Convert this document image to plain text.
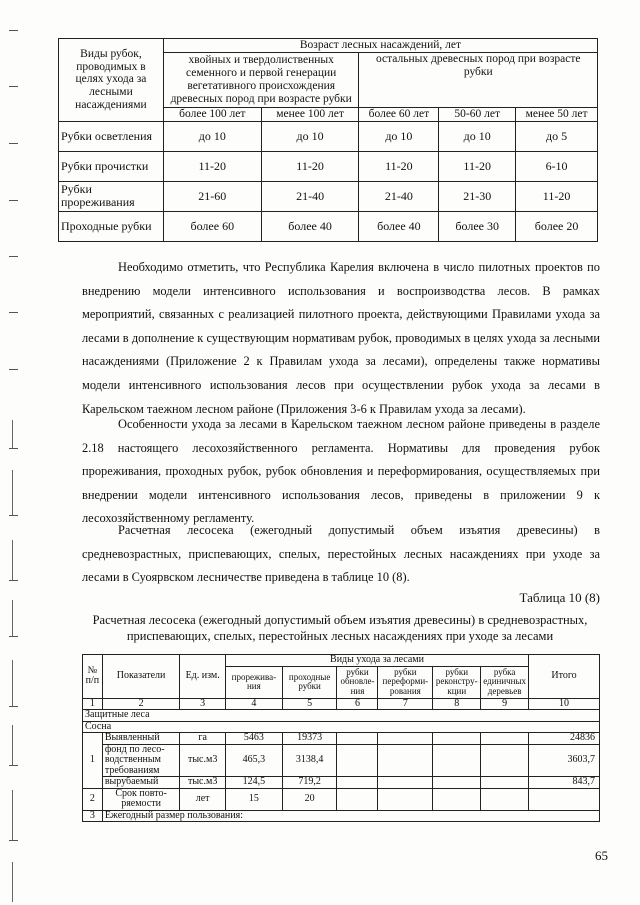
Виды рубок, проводимых в целях ухода за лесными насаждениями	Возраст лесных насаждений, лет				
	хвойных и твердолиственных семенного и первой генерации вегетативного происхождения древесных пород при возрасте рубки		остальных древесных пород при возрасте рубки		
	более 100 лет	менее 100 лет	более 60 лет	50-60 лет	менее 50 лет
Рубки осветления	до 10	до 10	до 10	до 10	до 5
Рубки прочистки	11-20	11-20	11-20	11-20	6-10
Рубки прореживания	21-60	21-40	21-40	21-30	11-20
Проходные рубки	более 60	более 40	более 40	более 30	более 20

Необходимо отметить, что Республика Карелия включена в число пилотных проектов по внедрению модели интенсивного использования и воспроизводства лесов. В рамках мероприятий, связанных с реализацией пилотного проекта, действующими Правилами ухода за лесами в дополнение к существующим нормативам рубок, проводимых в целях ухода за лесными насаждениями (Приложение 2 к Правилам ухода за лесами), определены также нормативы модели интенсивного использования лесов при осуществлении рубок ухода за лесами в Карельском таежном лесном районе (Приложения 3-6 к Правилам ухода за лесами).

Особенности ухода за лесами в Карельском таежном лесном районе приведены в разделе 2.18 настоящего лесохозяйственного регламента. Нормативы для проведения рубок прореживания, проходных рубок, рубок обновления и переформирования, осуществляемых при внедрении модели интенсивного использования лесов, приведены в приложении 9 к лесохозяйственному регламенту.

Расчетная лесосека (ежегодный допустимый объем изъятия древесины) в средневозрастных, приспевающих, спелых, перестойных лесных насаждениях при уходе за лесами в Суоярвском лесничестве приведена в таблице 10 (8).

Таблица 10 (8)

Расчетная лесосека (ежегодный допустимый объем изъятия древесины) в средневозрастных, приспевающих, спелых, перестойных лесных насаждениях при уходе за лесами

№ п/п	Показатели	Ед. изм.	Виды ухода за лесами						Итого
			прорежива-ния	проходные рубки	рубки обновле-ния	рубки переформи-рования	рубки реконстру-кции	рубка единичных деревьев	
1	2	3	4	5	6	7	8	9	10
Защитные леса									
Сосна									
1	Выявленный	га	5463	19373					24836
	фонд по лесо-водственным требованиям	тыс.м3	465,3	3138,4					3603,7
	вырубаемый	тыс.м3	124,5	719,2					843,7
2	Срок повто-ряемости	лет	15	20					
3	Ежегодный размер пользования:								
65
